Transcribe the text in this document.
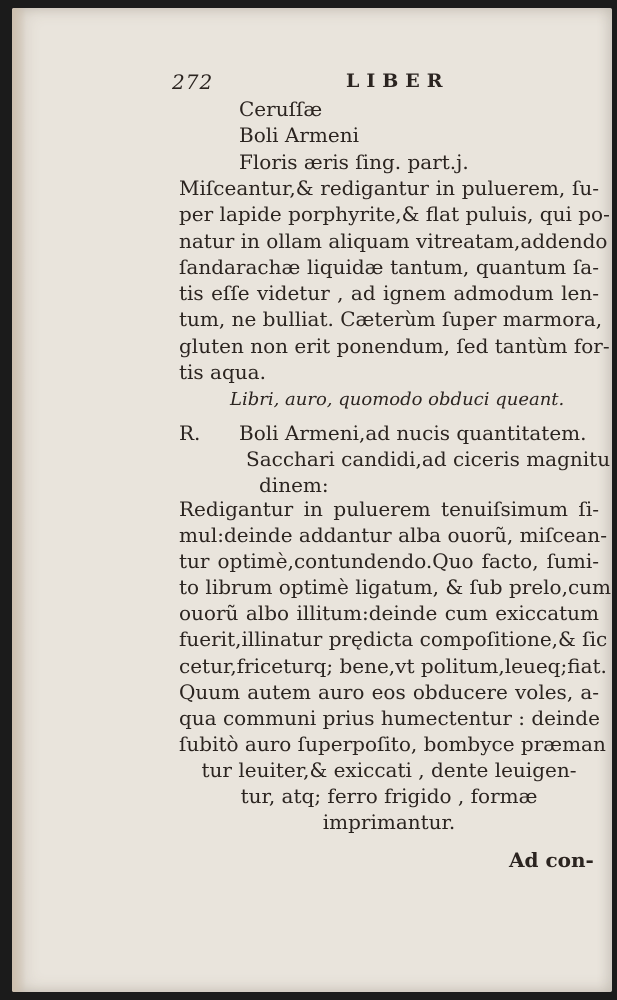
272	LIBER
Ceruſſæ
Boli Armeni
Floris æris ſing. part.j.
Miſceantur,& redigantur in puluerem, ſu-
per lapide porphyrite,& flat puluis, qui po-
natur in ollam aliquam vitreatam,addendo
ſandarachæ liquidæ tantum, quantum ſa-
tis eſſe videtur , ad ignem admodum len-
tum, ne bulliat. Cæterùm ſuper marmora,
gluten non erit ponendum, ſed tantùm for-
tis aqua.
Libri, auro, quomodo obduci queant.
R. Boli Armeni,ad nucis quantitatem.
Sacchari candidi,ad ciceris magnitu
dinem:
Redigantur in puluerem tenuiſsimum ſi-
mul:deinde addantur alba ouorũ, miſcean-
tur optimè,contundendo.Quo facto, ſumi-
to librum optimè ligatum, & ſub prelo,cum
ouorũ albo illitum:deinde cum exiccatum
fuerit,illinatur prędicta compoſitione,& ſic
cetur,friceturq; bene,vt politum,leueq;fiat.
Quum autem auro eos obducere voles, a-
qua communi prius humectentur : deinde
ſubitò auro ſuperpoſito, bombyce præman
tur leuiter,& exiccati , dente leuigen-
tur, atq; ferro frigido , formæ
imprimantur.
Ad con-
